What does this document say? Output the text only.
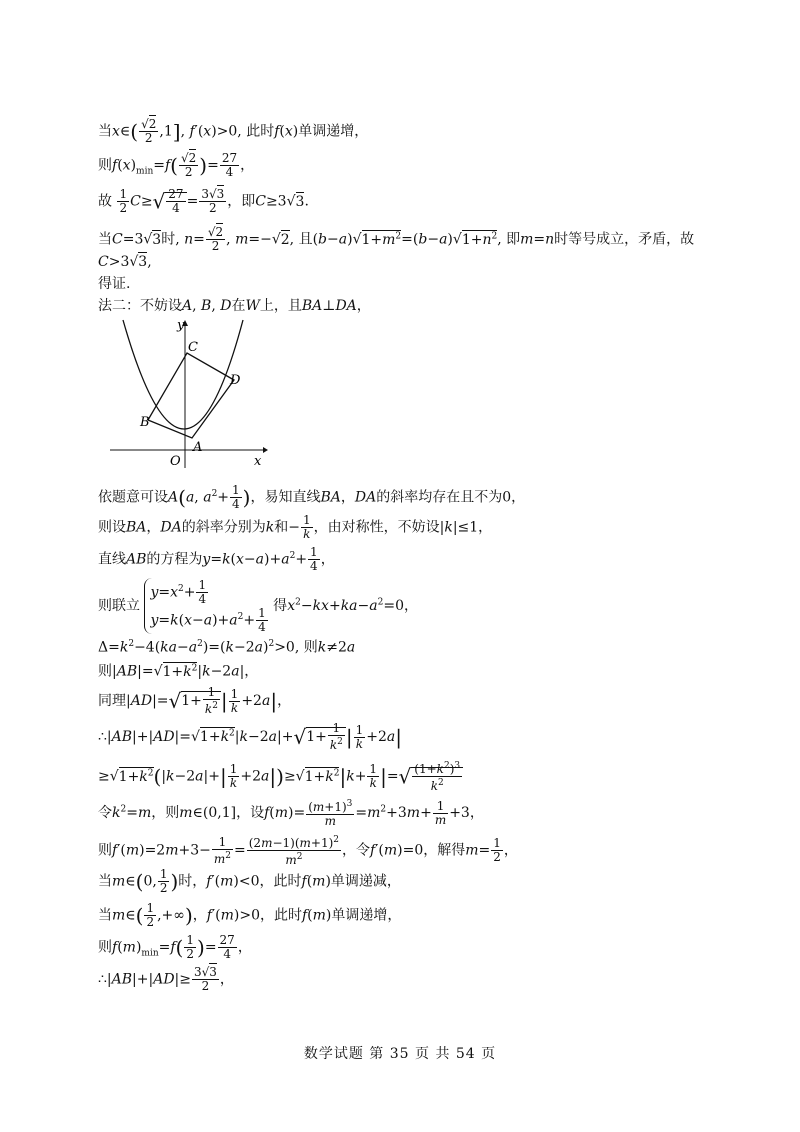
当x∈( $\frac{√2}{2} ,1$], f′(x)>0, 此时f(x)单调递增，
则$f(x)_{min}=f( \frac{√2}{2}$ )= $\frac{27}{4}$ ，
故 $\frac{1}{2} C\ge√ \frac{27}{4} = \frac{3√3}{2}$ ，即C≥3√3.
当C=3√3时, $n= \frac{√2}{2}$ , m=−√2, 且$(b-a)√1+m^2=(b-a)√1+n^2$, 即m=n时等号成立，矛盾，故
C>3√3,
得证.
法二：不妨设A, B, D在W上，且BA⊥DA，
y
x
O
A
B
C
D
依题意可设A(a, $a^2+ \frac{1}{4}$ )，易知直线BA，DA的斜率均存在且不为0，
则设BA，DA的斜率分别为k和− $\frac{1}{k}$ ，由对称性，不妨设|k|≤1，
直线AB的方程为$y=k(x-a)+a^2+ \frac{1}{4}$ ，
则联立
$y=x^2+ \frac{1}{4}$
$y=k(x-a)+a^2+ \frac{1}{4}$
得$x^2-kx+ka-a^2=0$，
$\Delta=k^2-4(ka-a^2)=(k-2a)^2>0$, 则k≠2a
则$|AB|=√1+k^2|k-2a|$，
同理$|AD|=√1+ \frac{1}{k^2}$ | $\frac{1}{k} +2a|$，
$\therefore|AB|+|AD|=√1+k^2|k-2a|+√1+ \frac{1}{k^2}$ | $\frac{1}{k} +2a|$
$\ge√1+k^2(|k-2a|+| \frac{1}{k} +2a|)\ge√1+k^2|k+ \frac{1}{k}$ |=√ $\frac{(1+k^2)^3}{k^2}$
令$k^2=m$，则m∈(0,1]，设$f(m)= \frac{(m+1)^3}{m} =m^2+3m+ \frac{1}{m} +3$，
则$f'(m)=2m+3- \frac{1}{m^2} = \frac{(2m-1)(m+1)^2}{m^2}$ ，令f′(m)=0，解得$m= \frac{1}{2}$ ，
当m∈(0, $\frac{1}{2}$ )时，f′(m)<0，此时f(m)单调递减，
当m∈( $\frac{1}{2}$ ,+∞)，f′(m)>0，此时f(m)单调递增，
则$f(m)_{min}=f( \frac{1}{2}$ )= $\frac{27}{4}$ ，
∴|AB|+|AD|≥ $\frac{3√3}{2}$ ，
数学试题 第 35 页 共 54 页
